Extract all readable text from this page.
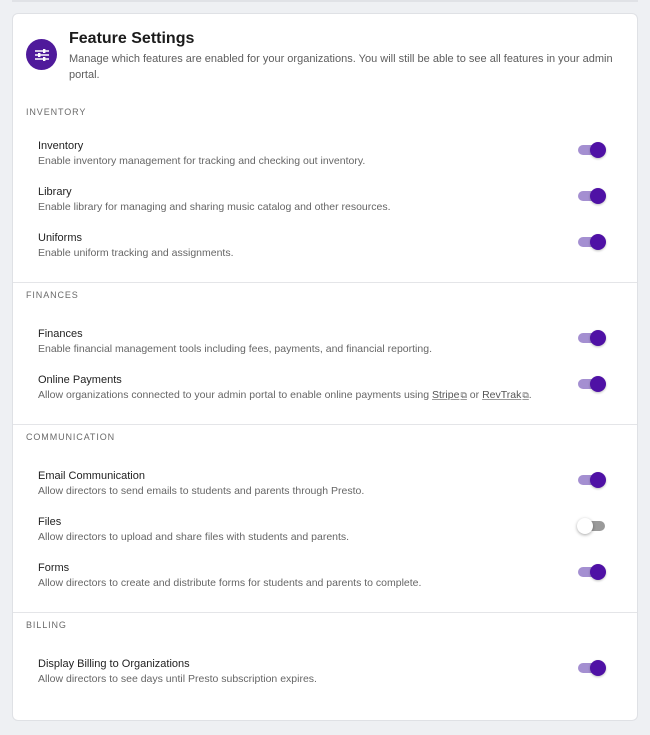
Feature Settings
Manage which features are enabled for your organizations. You will still be able to see all features in your admin portal.
INVENTORY
Inventory
Enable inventory management for tracking and checking out inventory.
Library
Enable library for managing and sharing music catalog and other resources.
Uniforms
Enable uniform tracking and assignments.
FINANCES
Finances
Enable financial management tools including fees, payments, and financial reporting.
Online Payments
Allow organizations connected to your admin portal to enable online payments using Stripe⧉ or RevTrak⧉.
COMMUNICATION
Email Communication
Allow directors to send emails to students and parents through Presto.
Files
Allow directors to upload and share files with students and parents.
Forms
Allow directors to create and distribute forms for students and parents to complete.
BILLING
Display Billing to Organizations
Allow directors to see days until Presto subscription expires.
